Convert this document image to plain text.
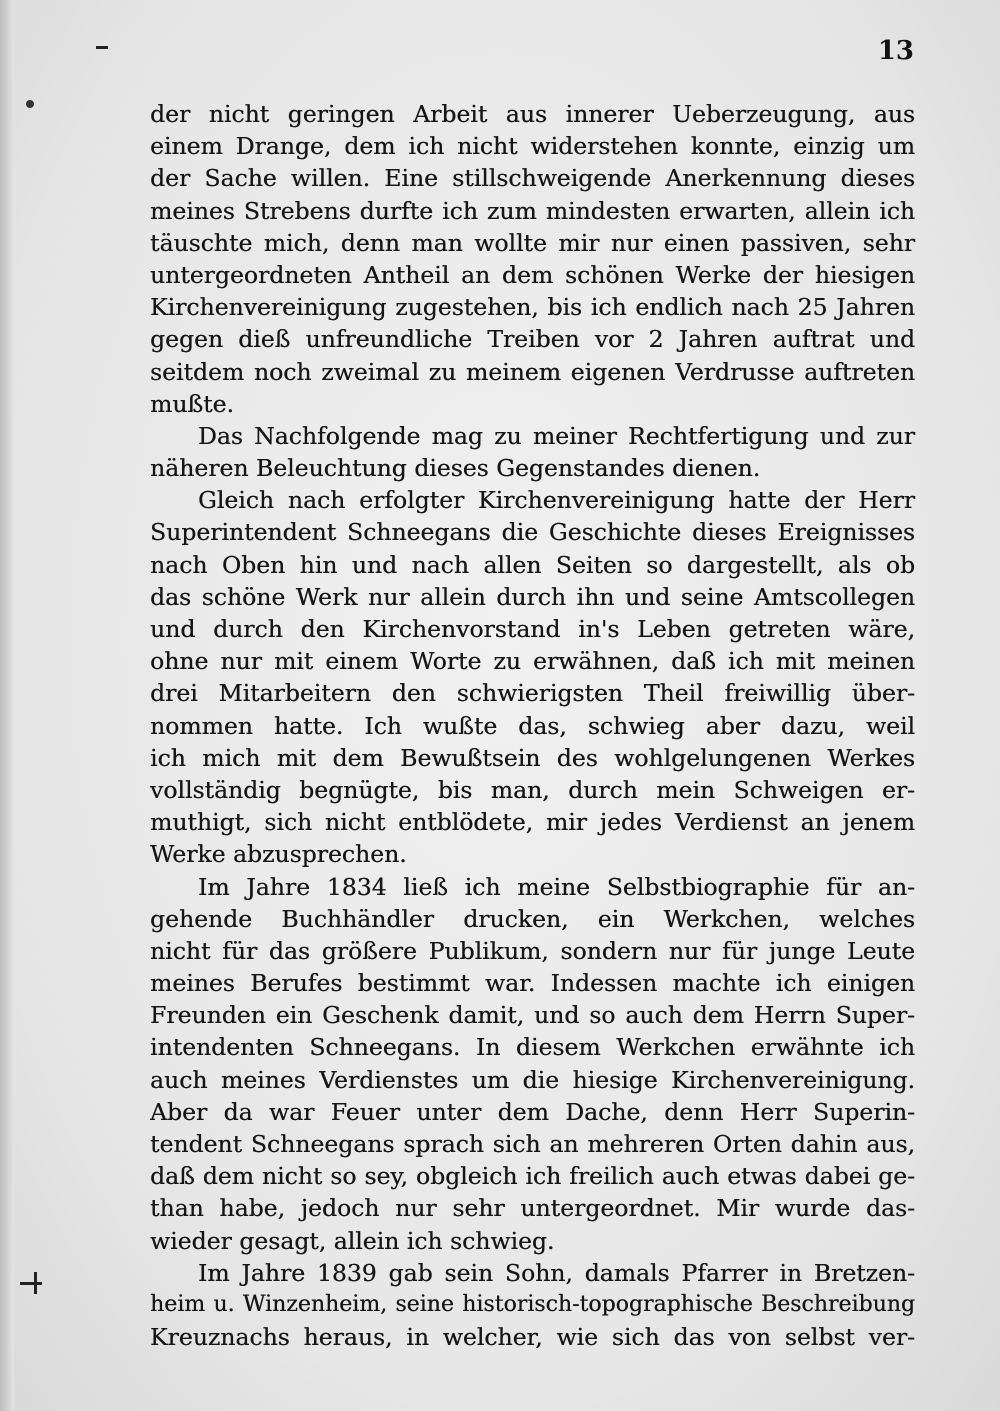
13
der nicht geringen Arbeit aus innerer Ueberzeugung, aus
einem Drange, dem ich nicht widerstehen konnte, einzig um
der Sache willen. Eine stillschweigende Anerkennung dieses
meines Strebens durfte ich zum mindesten erwarten, allein ich
täuschte mich, denn man wollte mir nur einen passiven, sehr
untergeordneten Antheil an dem schönen Werke der hiesigen
Kirchenvereinigung zugestehen, bis ich endlich nach 25 Jahren
gegen dieß unfreundliche Treiben vor 2 Jahren auftrat und
seitdem noch zweimal zu meinem eigenen Verdrusse auftreten
mußte.
Das Nachfolgende mag zu meiner Rechtfertigung und zur
näheren Beleuchtung dieses Gegenstandes dienen.
Gleich nach erfolgter Kirchenvereinigung hatte der Herr
Superintendent Schneegans die Geschichte dieses Ereignisses
nach Oben hin und nach allen Seiten so dargestellt, als ob
das schöne Werk nur allein durch ihn und seine Amtscollegen
und durch den Kirchenvorstand in's Leben getreten wäre,
ohne nur mit einem Worte zu erwähnen, daß ich mit meinen
drei Mitarbeitern den schwierigsten Theil freiwillig über-
nommen hatte. Ich wußte das, schwieg aber dazu, weil
ich mich mit dem Bewußtsein des wohlgelungenen Werkes
vollständig begnügte, bis man, durch mein Schweigen er-
muthigt, sich nicht entblödete, mir jedes Verdienst an jenem
Werke abzusprechen.
Im Jahre 1834 ließ ich meine Selbstbiographie für an-
gehende Buchhändler drucken, ein Werkchen, welches
nicht für das größere Publikum, sondern nur für junge Leute
meines Berufes bestimmt war. Indessen machte ich einigen
Freunden ein Geschenk damit, und so auch dem Herrn Super-
intendenten Schneegans. In diesem Werkchen erwähnte ich
auch meines Verdienstes um die hiesige Kirchenvereinigung.
Aber da war Feuer unter dem Dache, denn Herr Superin-
tendent Schneegans sprach sich an mehreren Orten dahin aus,
daß dem nicht so sey, obgleich ich freilich auch etwas dabei ge-
than habe, jedoch nur sehr untergeordnet. Mir wurde das-
wieder gesagt, allein ich schwieg.
Im Jahre 1839 gab sein Sohn, damals Pfarrer in Bretzen-
heim u. Winzenheim, seine historisch-topographische Beschreibung
Kreuznachs heraus, in welcher, wie sich das von selbst ver-
